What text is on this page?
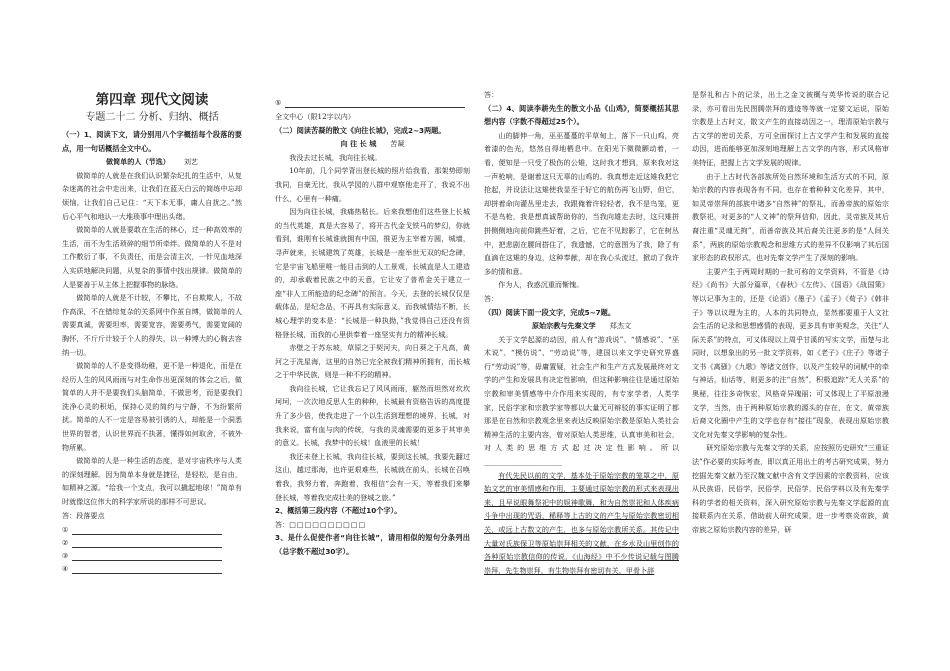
第四章 现代文阅读

专题二十二 分析、归纳、概括

（一）1、阅读下文，请分别用八个字概括每个段落的要点，用一句话概括全文中心。

做简单的人（节选） 刘艺

做简单的人就是在我们认识繁杂纪扎的生活中，从复杂迷离的社会中走出来，让我们在蓝天白云的简练中忘却烦恼，让我们自己记住：“天下本无事，庸人自扰之。”然后心平气和地认一大堆琐事中理出头绪。

做简单的人就是要敢在生活的林心，过一种高效率的生活，而不为生活琐碎的细节所牵绊。做简单的人不是对工作敷衍了事，不负责任，而是会清主次，一针见血地深入实质地解决问题，从复杂的事情中找出规律。做简单的人是要善于从主体上把握事物的脉络。

做简单的人就是不计较，不攀比，不自欺欺人，不故作高深，不在错综复杂的关系网中作茧自缚，做简单的人需要真诚，需要坦率，需要宽容，需要勇气，需要宽阔的胸怀，不斤斤计较于个人的得失，以一种博大的心胸去容纳一切。

做简单的人不是变得幼稚，更不是一种退化，而是在经历人生的风风雨雨与对生命作出更深刻的体会之后，做简单的人并不是要我们头脑简单，不做思考，而是要我们洗净心灵的积垢，保持心灵的简约与宁静，不为纷繁所扰。简单的人不一定是容易被引诱的人，却能是一个洞悉世界的智者，认识世界而不执著，懂得如何取舍，不被外物所累。

做简单的人是一种生活的态度，是对宇宙秩序与人类的深刻理解。因为简单本身就是捷径，是轻松，是自由，如精神之源。“给我一个支点，我可以撬起地球！”简单有时就像这位伟大的科学家所说的那样不可思议。

答：段落要点

①
②
③
④
⑤

全文中心（限12字以内）

（二）阅读苦凝的散文《向往长城》，完成2~3两题。

向 往 长 城 苦凝

我没去过长城，我向往长城。

10年前，几个同学背出登长城的照片给我看，那架势即刻我同，自豪无比，我从学园的八群中观察他走开了，我说不出什么，心里有一种痛。

因为向往长城，我痛热粘长。后来我想他们这些登上长城的当代英雄，真是大容易了，将开古代金戈铁马的梦幻，你就看到，谁刚有长城谁就拥有中国，推更为主宰着方圆，城墙，寻声就来，长城建筑了英雄，长城是一座举世无双的纪念碑，它是宇宙飞船里唯一能目击到的人工景观，长城直是人工建造的，却承载着民族之中的天意，它让安了普希金关于建立一座“非人工所能造的纪念碑”的预言。今天，去登的长城仅仅是载体品，是纪念品，不再具有实际意义，而我城情结不断，长城心理学的变本是：“长城是一种执拗，”我觉得自己还没有资格登长城，而我的心里供奉着一座坚实有力的精神长城。

赤壁之于苏东坡，草原之于契河夫，向日葵之于凡高，黄河之于冼星海，这里的自然已完全被我们精神所拥有，而长城之于中华民族，则是一种不朽的精神。

我向往长城，它让我忘记了风风雨雨，躯然而坦然对坎坎坷坷，一次次地反思人生的种种，长城最有资格告诉的高度提升了多少倍，使我走进了一个以生活到理想的境界，长城，对我来说，富有血与肉的传统，与我的灵魂需要的更多于其审美的意义。长城，我梦中的长城！血液里的长城！

我还未登上长城，我向往长城，要到这长城，我要先翻过这山，越过那海，也许更艰难些，长城就在前头，长城在召唤着我，我努力着，奔跑着，我相信“会有一天，等着我们来攀登长城，等着我完成壮美的登城之旅。”

2、概括第三段内容（不超过10个字）。

答：□□□□□□□□□□

3、是什么促使作者“向往长城”，请用相似的短句分条列出（总字数不超过30字）。

答：

（二）4、阅读李耕先生的散文小品《山鸡》，简要概括其思想内容（字数不得超过25个）。

山的脚伸一角，巫巫蔓蔓的平草甸上，落下一只山鸡，亮着漆的色光，悠然自得地栖息中。在阳光下微微颤动着，一看，便知是一只受了极伤的公雉，这时我才想到，原来我对这一声枪响，是谢着这只无辜的山鸡的。我真想走近这雉我把它抢起，并设法让这雉使我显至于好它的航伤再飞山野，但它，却拼着命向灌丛里走去，我跟俺着许轻轻者，我不是鸟笼，更不是鸟枪，我是想真诚帮助你的，当我向雄走去时，这只雉拼拼侧侧地向前仰跳些好着，之后，它在不见踪影了，它在树丛中，把悲剧在腰间搭住了，我遗憾，它的意图为了我，除了有血滴在这雉的身边，这种奉献，却在我心头流过，掀动了我许多的情和意。

作为人，我惑沉重而惭愧。

答：

（四）阅读下面一段文字，完成5~7题。

原始宗教与先秦文学 郑杰文

关于文学起源的动因，前人有“游戏说”、“情感说”、“巫术说”、“模仿说”、“劳动说”等，建国以来文学史研究界盛行“劳动说”等，毋庸置疑，社会生产和生产方式发展最终对文学的产生和发展具有决定性影响，但这种影响往往是通过原始宗教和审美情感等中介作用来实现的，有专家学者，人类学家，民俗学家和宗教学家等都以大量无可辩驳的事实证明了都那是在自然和宗教观念里来表达反映原始宗教是原始人类社会精神生活的主要内容，曾对原始人类思维，认真审美和社会，对人类的思维方式起过决定性影响。所以______________________

有代先民以前的文学，基本处于原始宗教的笼罩之中，原始文艺的审美情感和作用，主要通过原始宗教的形式来表现出来，且早说眼舞祭祀中的娱神歌舞，和为自然崇祀和人体疾病斗争中出现的咒语，稀释等上古的文的产生与原始宗教密切相关，或远上古数文的产生，也多与原始宗教所关系。其传记中大量对氏族保卫等原始崇拜相关的文献，在乡水及山里创作的各种原始宗教信仰的传说，《山海经》中不少传说记载与图腾崇拜，先生物崇拜，有生物崇拜有密切有关，甲骨卜辞

是祭礼和占卜的记录，出土之金文被概与英华传说的联合记录，亦可看出先民图腾崇拜的遗迹等等就一定要文运说，原始宗教是上古时文，散文产生的直接动因之一，理清原始宗教与古文学的密切关系，方可全面探讨上古文学产生和发展的直接动因，进而能够更加深刻地理解上古文学的内容，形式风格审美特征，把握上古文学发展的规律。

由于上古时代各部族所处自然环境和生活方式的不同，原始宗教的内容表现各有不同，也存在着种种文化差异，其中，如灵帝崇拜的部族中诸多“自然神”的祭礼，而善帝族的原始宗教祭祀，对更多的“人文神”的祭拜信仰，因此，灵帝族及其后裔注重“灵魂无拘”，而善帝族及其后裔关注更多的是“人间关系”，两族的原始宗教观念和思维方式的差异不仅影响了其后国家形态的政权形式，也对先秦文学产生了深刻的影响。

主要产生于两周时期的一批可称的文学资料，不管是《诗经》《尚书》大部分篇章，《春秋》《左传》、《国语》《战国策》等以记事为主的，还是《论语》《墨子》《孟子》《荀子》《韩非子》等以议理为主的，人本的共同特点，显然都要重于人文社会生活的记录和思想感情的表现，更多具有审美观念，关注“人际关系”的特点，可又体现以上周乎甘溪的写实文学，而楚与北同时，以想象出的另一批文学资料，如《老子》《庄子》等诸子文书《离骚》《九歌》等诸文创作，以及产生较早的词赋中的牵与神话，仙话等，则更多的注“自然”，积极追踪“无人关系”的奥秘，往往多奇恢宏，风格奇异瑰丽；可又体现上了平原浪漫文学，当然，由于两种原始宗教的源头的存在，在文，黄帝族后裔文化圈中产生的文学也存有“接往”现象，表现出原始宗教文化对先秦文学影响的复杂性。

研究原始宗教与先秦文学的关系，应按照历史研究“三重证法”作必要的实际考查，即以真正用出土的考古研究成果，努力挖掘先秦文献乃至汉魏文献中含有文学因素的宗教资料，应该从民族语，民俗学，民俗学，民俗学，民俗学料以及有先秦学科的学者的相关资料，深入研究原始宗教与先秦文学起源的直接联系内在关系，借助前人研究成果，进一步考察炎帝族，黄帝族之原始宗教内容的差异，研
